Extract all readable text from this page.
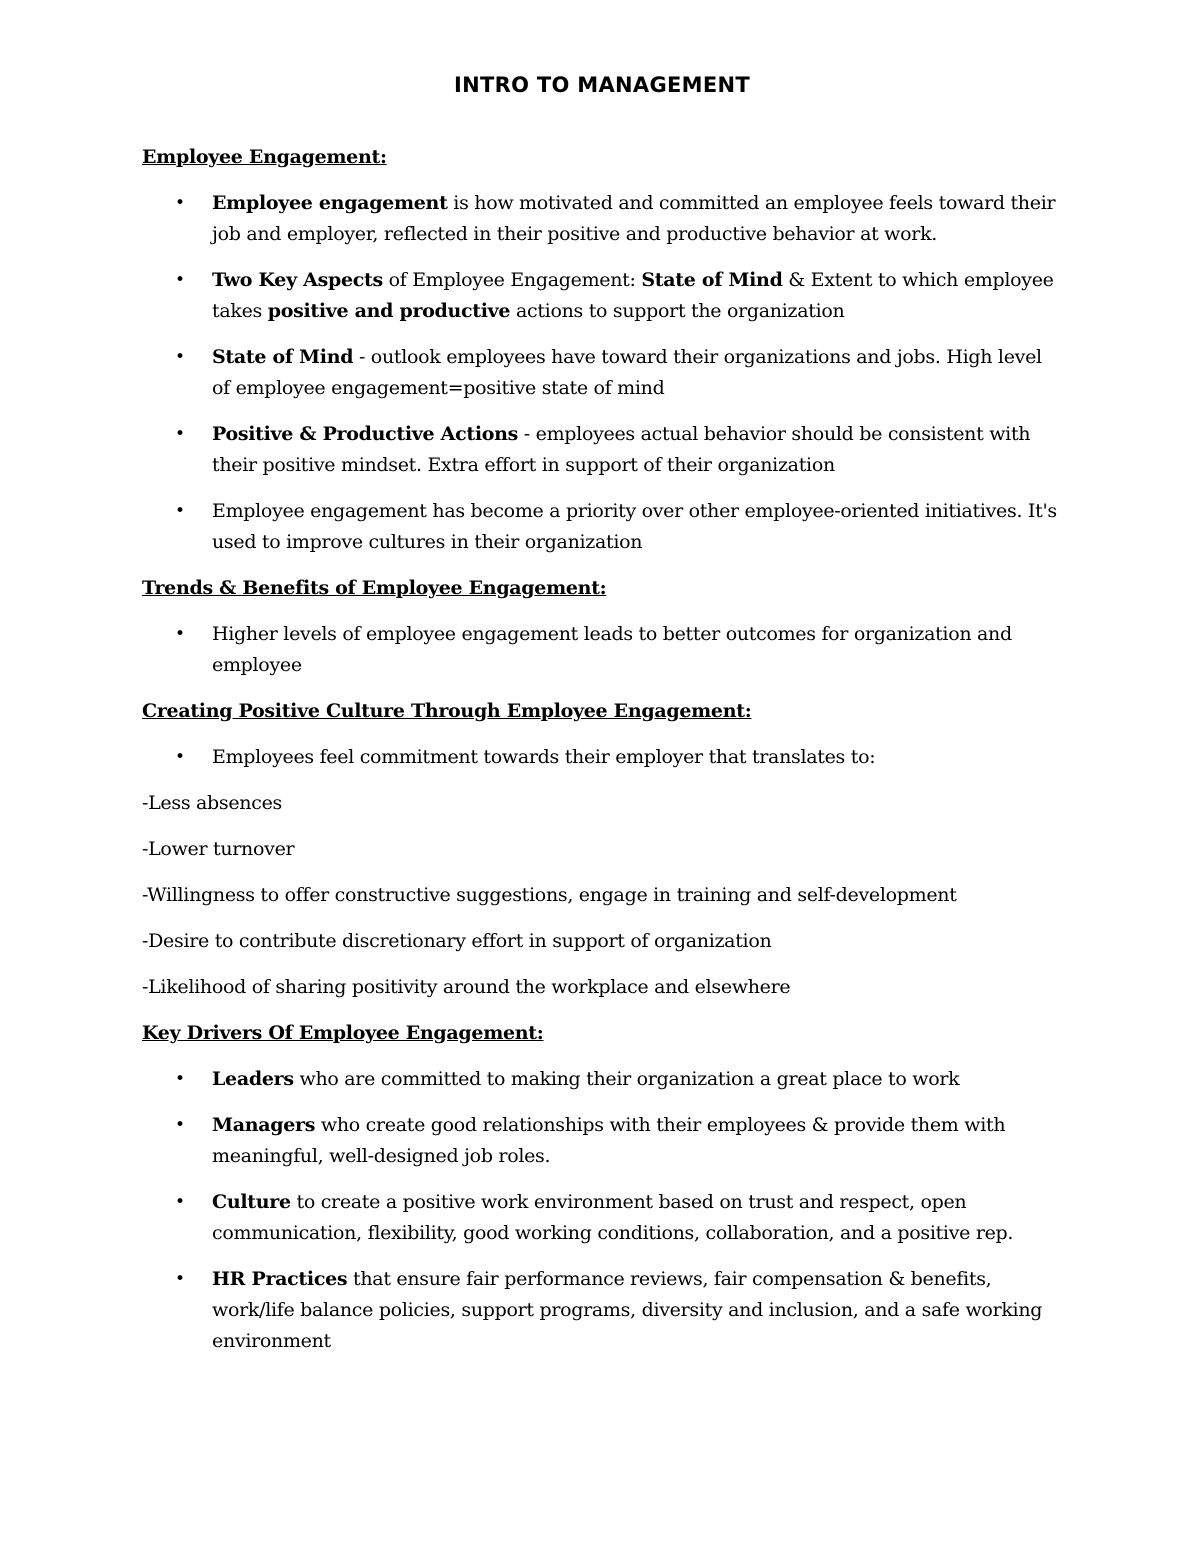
INTRO TO MANAGEMENT
Employee Engagement:
• Employee engagement is how motivated and committed an employee feels toward their job and employer, reflected in their positive and productive behavior at work.
• Two Key Aspects of Employee Engagement: State of Mind & Extent to which employee takes positive and productive actions to support the organization
• State of Mind - outlook employees have toward their organizations and jobs. High level of employee engagement=positive state of mind
• Positive & Productive Actions - employees actual behavior should be consistent with their positive mindset. Extra effort in support of their organization
• Employee engagement has become a priority over other employee-oriented initiatives. It's used to improve cultures in their organization
Trends & Benefits of Employee Engagement:
• Higher levels of employee engagement leads to better outcomes for organization and employee
Creating Positive Culture Through Employee Engagement:
• Employees feel commitment towards their employer that translates to:
-Less absences
-Lower turnover
-Willingness to offer constructive suggestions, engage in training and self-development
-Desire to contribute discretionary effort in support of organization
-Likelihood of sharing positivity around the workplace and elsewhere
Key Drivers Of Employee Engagement:
• Leaders who are committed to making their organization a great place to work
• Managers who create good relationships with their employees & provide them with meaningful, well-designed job roles.
• Culture to create a positive work environment based on trust and respect, open communication, flexibility, good working conditions, collaboration, and a positive rep.
• HR Practices that ensure fair performance reviews, fair compensation & benefits, work/life balance policies, support programs, diversity and inclusion, and a safe working environment
